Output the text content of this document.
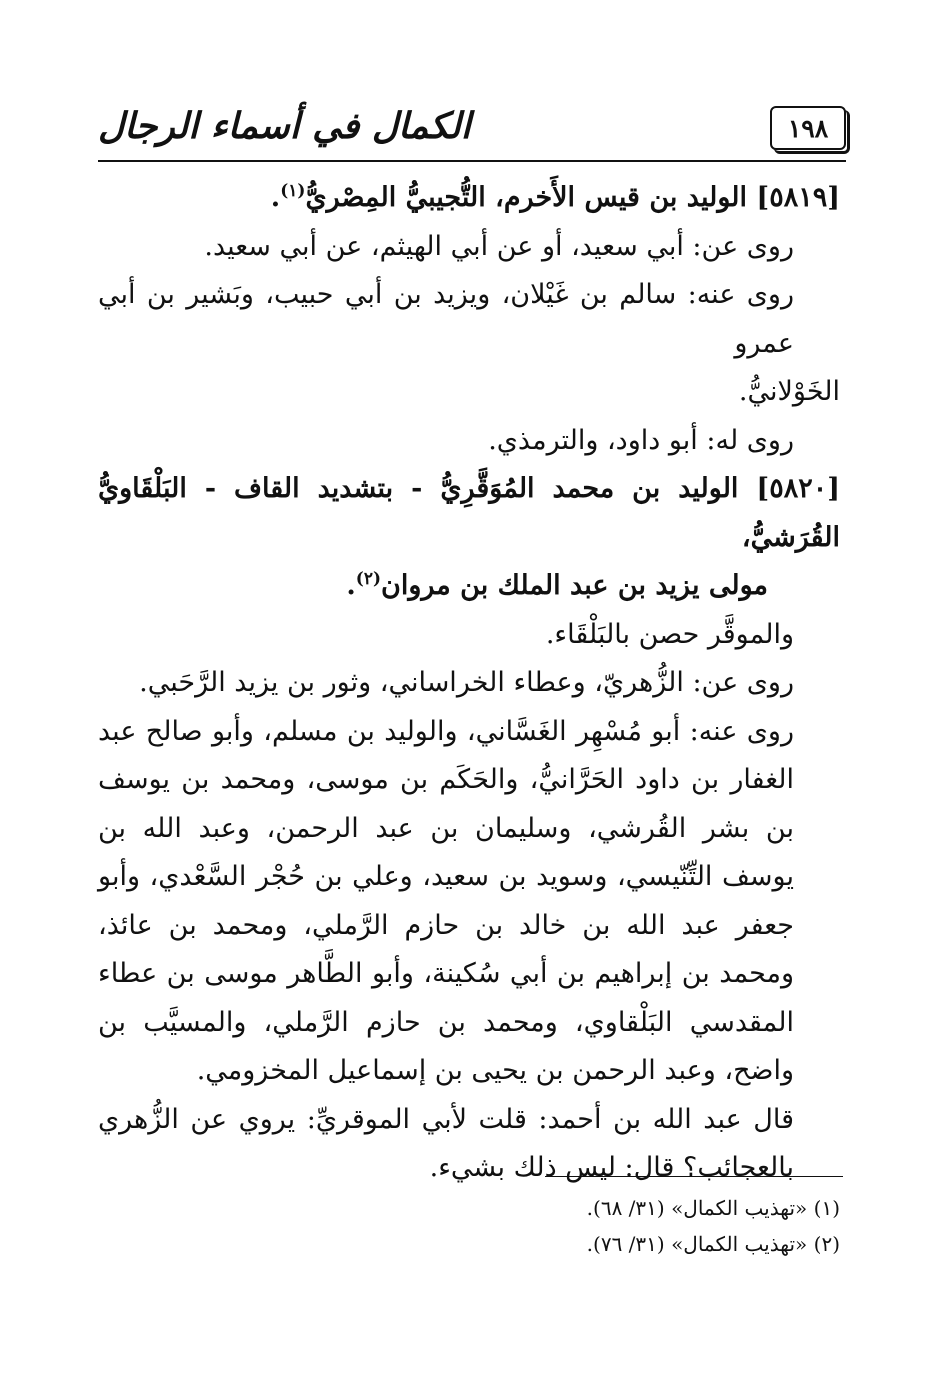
١٩٨
الكمال في أسماء الرجال

[٥٨١٩] الوليد بن قيس الأَخرم، التُّجيبيُّ المِصْريُّ$^{(١)}$.

روى عن: أبي سعيد، أو عن أبي الهيثم، عن أبي سعيد.

روى عنه: سالم بن غَيْلان، ويزيد بن أبي حبيب، وبَشير بن أبي عمرو

الخَوْلانيُّ.

روى له: أبو داود، والترمذي.

[٥٨٢٠] الوليد بن محمد المُوَقَّرِيُّ - بتشديد القاف - البَلْقَاويُّ القُرَشيُّ،

مولى يزيد بن عبد الملك بن مروان$^{(٢)}$.

والموقَّر حصن بالبَلْقَاء.

روى عن: الزُّهريّ، وعطاء الخراساني، وثور بن يزيد الرَّحَبي.

روى عنه: أبو مُسْهِر الغَسَّاني، والوليد بن مسلم، وأبو صالح عبد الغفار بن داود الحَرَّانيُّ، والحَكَم بن موسى، ومحمد بن يوسف بن بشر القُرشي، وسليمان بن عبد الرحمن، وعبد الله بن يوسف التِّنّيسي، وسويد بن سعيد، وعلي بن حُجْر السَّعْدي، وأبو جعفر عبد الله بن خالد بن حازم الرَّملي، ومحمد بن عائذ، ومحمد بن إبراهيم بن أبي سُكينة، وأبو الطَّاهر موسى بن عطاء المقدسي البَلْقاوي، ومحمد بن حازم الرَّملي، والمسيَّب بن واضح، وعبد الرحمن بن يحيى بن إسماعيل المخزومي.

قال عبد الله بن أحمد: قلت لأبي الموقريِّ: يروي عن الزُّهري بالعجائب؟ قال: ليس ذلك بشيء.

(١) «تهذيب الكمال» (٣١/ ٦٨).

(٢) «تهذيب الكمال» (٣١/ ٧٦).
